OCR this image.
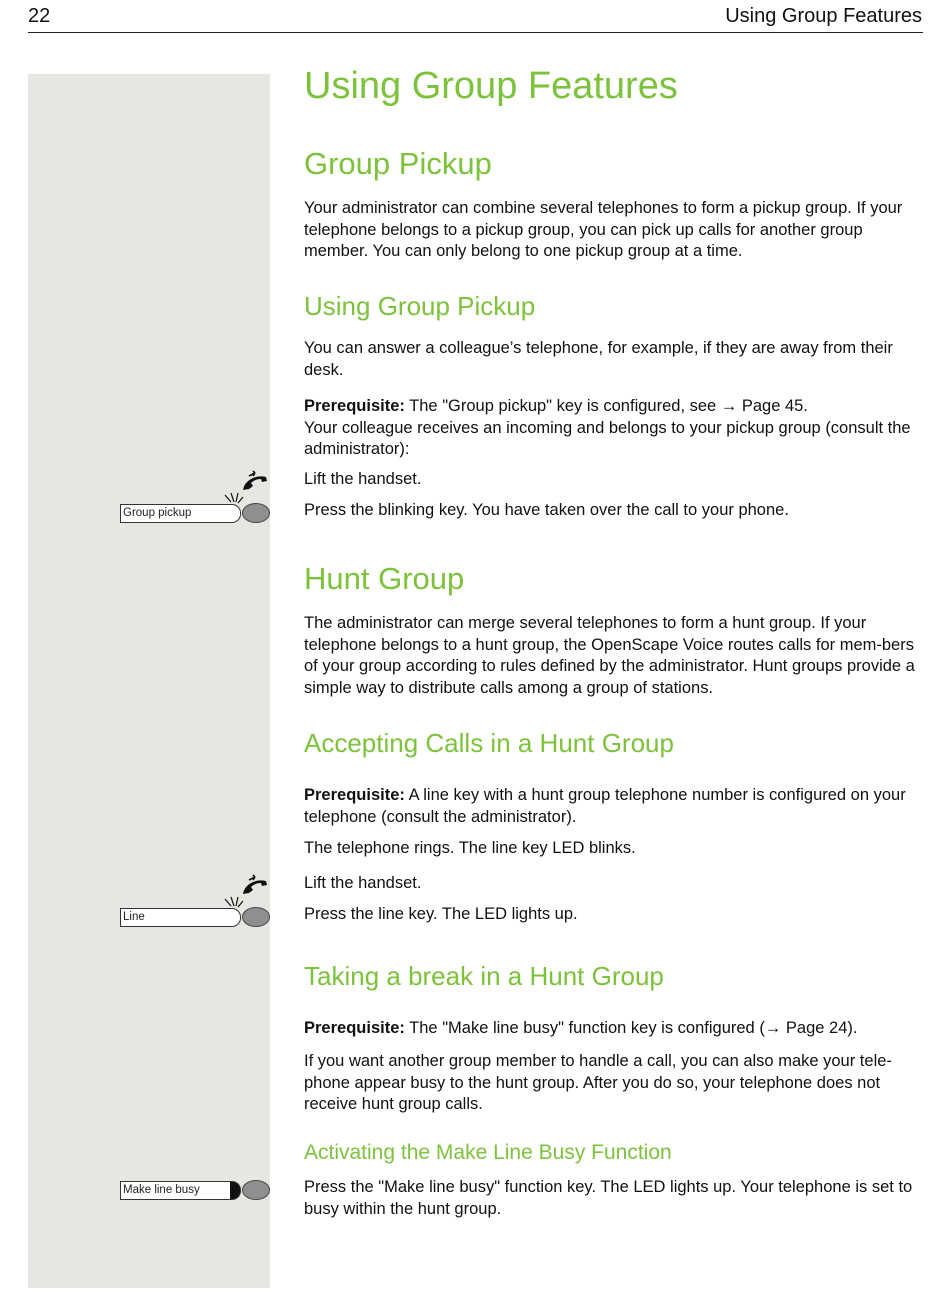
22	Using Group Features
Using Group Features
Group Pickup

Your administrator can combine several telephones to form a pickup group. If your telephone belongs to a pickup group, you can pick up calls for another group member. You can only belong to one pickup group at a time.

Using Group Pickup

You can answer a colleague’s telephone, for example, if they are away from their desk.

Prerequisite: The "Group pickup" key is configured, see → Page 45.
Your colleague receives an incoming and belongs to your pickup group (consult the administrator):

Lift the handset.

Press the blinking key. You have taken over the call to your phone.

Group pickup
Hunt Group

The administrator can merge several telephones to form a hunt group. If your telephone belongs to a hunt group, the OpenScape Voice routes calls for mem-bers of your group according to rules defined by the administrator. Hunt groups provide a simple way to distribute calls among a group of stations.

Accepting Calls in a Hunt Group

Prerequisite: A line key with a hunt group telephone number is configured on your telephone (consult the administrator).

The telephone rings. The line key LED blinks.

Lift the handset.

Press the line key. The LED lights up.

Line
Taking a break in a Hunt Group

Prerequisite: The "Make line busy" function key is configured (→ Page 24).

If you want another group member to handle a call, you can also make your tele-phone appear busy to the hunt group. After you do so, your telephone does not receive hunt group calls.

Activating the Make Line Busy Function

Press the "Make line busy" function key. The LED lights up. Your telephone is set to busy within the hunt group.

Make line busy
